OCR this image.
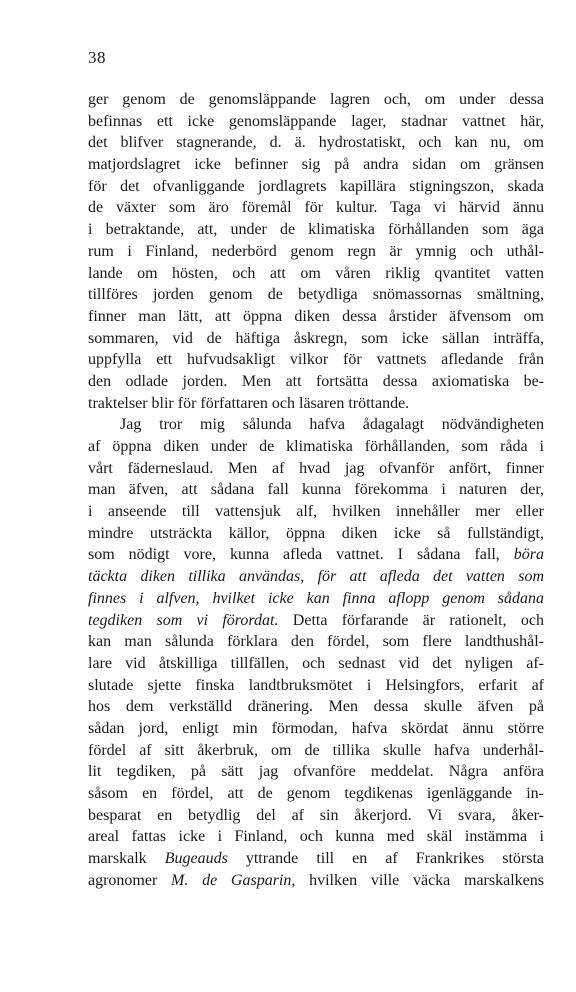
38
ger genom de genomsläppande lagren och, om under dessa
befinnas ett icke genomsläppande lager, stadnar vattnet här,
det blifver stagnerande, d. ä. hydrostatiskt, och kan nu, om
matjordslagret icke befinner sig på andra sidan om gränsen
för det ofvanliggande jordlagrets kapillära stigningszon, skada
de växter som äro föremål för kultur. Taga vi härvid ännu
i betraktande, att, under de klimatiska förhållanden som äga
rum i Finland, nederbörd genom regn är ymnig och uthål-
lande om hösten, och att om våren riklig qvantitet vatten
tillföres jorden genom de betydliga snömassornas smältning,
finner man lätt, att öppna diken dessa årstider äfvensom om
sommaren, vid de häftiga åskregn, som icke sällan inträffa,
uppfylla ett hufvudsakligt vilkor för vattnets afledande från
den odlade jorden. Men att fortsätta dessa axiomatiska be-
traktelser blir för författaren och läsaren tröttande.
Jag tror mig sålunda hafva ådagalagt nödvändigheten
af öppna diken under de klimatiska förhållanden, som råda i
vårt fäderneslaud. Men af hvad jag ofvanför anfört, finner
man äfven, att sådana fall kunna förekomma i naturen der,
i anseende till vattensjuk alf, hvilken innehåller mer eller
mindre utsträckta källor, öppna diken icke så fullständigt,
som nödigt vore, kunna afleda vattnet. I sådana fall, böra
täckta diken tillika användas, för att afleda det vatten som
finnes i alfven, hvilket icke kan finna aflopp genom sådana
tegdiken som vi förordat. Detta förfarande är rationelt, och
kan man sålunda förklara den fördel, som flere landthushål-
lare vid åtskilliga tillfällen, och sednast vid det nyligen af-
slutade sjette finska landtbruksmötet i Helsingfors, erfarit af
hos dem verkställd dränering. Men dessa skulle äfven på
sådan jord, enligt min förmodan, hafva skördat ännu större
fördel af sitt åkerbruk, om de tillika skulle hafva underhål-
lit tegdiken, på sätt jag ofvanföre meddelat. Några anföra
såsom en fördel, att de genom tegdikenas igenläggande in-
besparat en betydlig del af sin åkerjord. Vi svara, åker-
areal fattas icke i Finland, och kunna med skäl instämma i
marskalk Bugeauds yttrande till en af Frankrikes största
agronomer M. de Gasparin, hvilken ville väcka marskalkens
